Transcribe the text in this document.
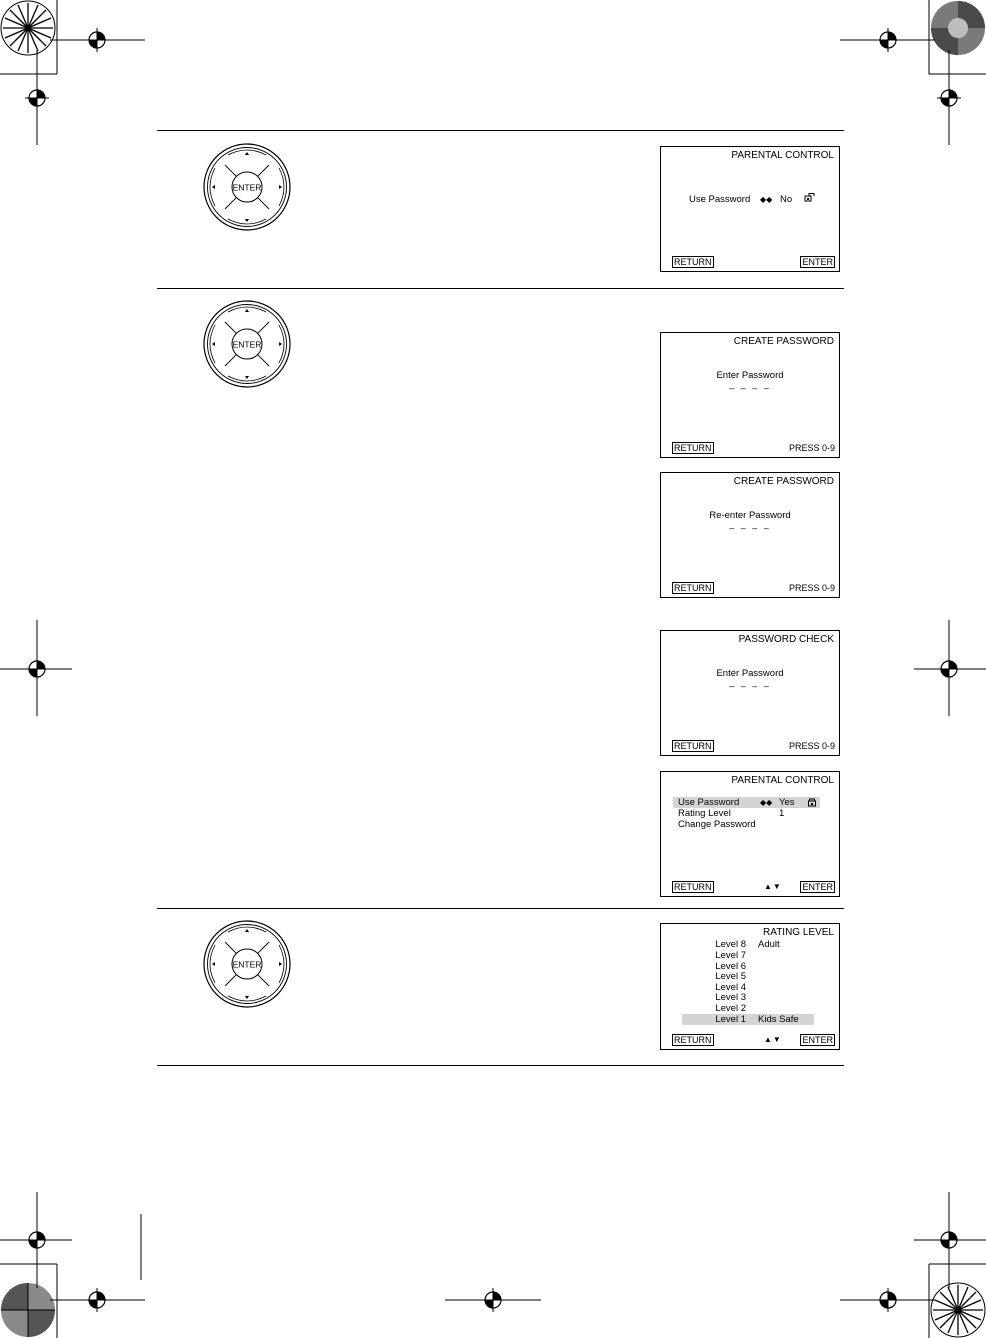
ENTER
ENTER
ENTER
PARENTAL CONTROL
Use Password ◆◆ No
RETURN	ENTER
CREATE PASSWORD
Enter Password
– – – –
RETURN	PRESS 0-9
CREATE PASSWORD
Re-enter Password
– – – –
RETURN	PRESS 0-9
PASSWORD CHECK
Enter Password
– – – –
RETURN	PRESS 0-9
PARENTAL CONTROL
Use Password	◆◆ Yes
Rating Level	1
Change Password
RETURN	▲▼ ENTER
RATING LEVEL
Level 8 Adult
Level 7
Level 6
Level 5
Level 4
Level 3
Level 2
Level 1 Kids Safe
RETURN	▲▼ ENTER
